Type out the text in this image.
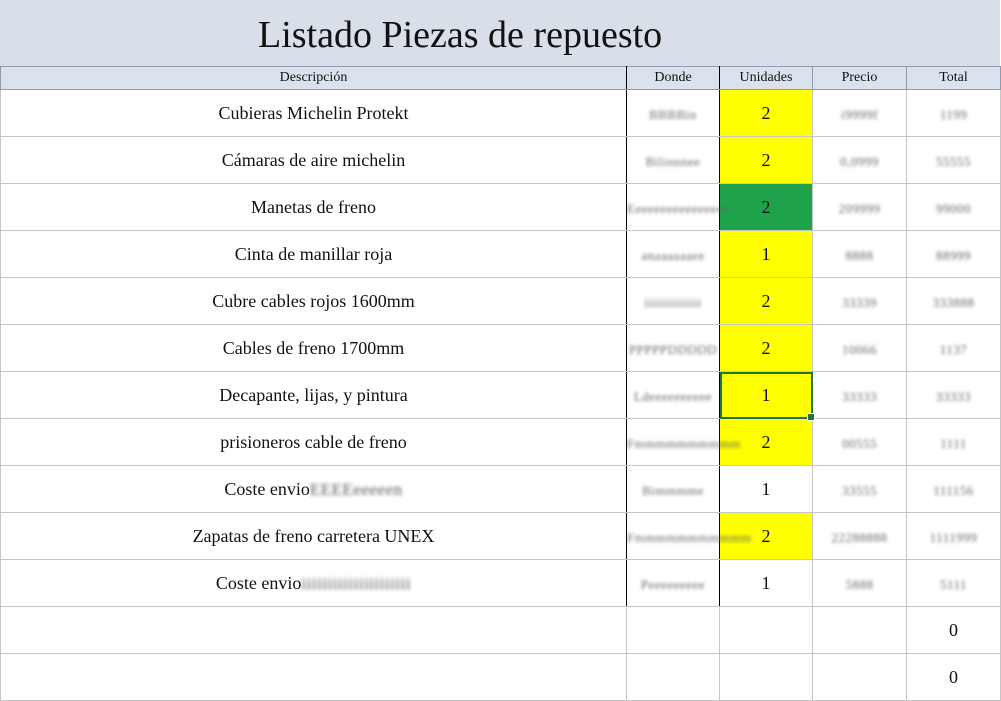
Listado Piezas de repuesto
Descripción	Donde	Unidades	Precio	Total
Cubieras Michelin Protekt	BBBBin	2	i9999f	1199
Cámaras de aire michelin	Bilinnnee	2	0,0999	55555
Manetas de freno	Eeeeeeeeeeeeeeee	2	209999	99000
Cinta de manillar roja	anaaaaaaee	1	8888	88999
Cubre cables rojos 1600mm	iiiiiiiiiiiiii	2	33339	333888
Cables de freno 1700mm	PPPPPDDDDD	2	10066	1137
Decapante, lijas, y pintura	Ldeeeeeeeeee	1	33333	33333
prisioneros cable de freno	Fmmmmmmmmmm	2	00555	1111
Coste envioEEEEeeeeen	Bimmmme	1	33555	111156
Zapatas de freno carretera UNEX	Fmmmmmmmmmmm	2	22288888	1111999
Coste envioiiiiiiiiiiiiiiiiiiiii	Peeeeeeeee	1	5888	5111
				0
				0
